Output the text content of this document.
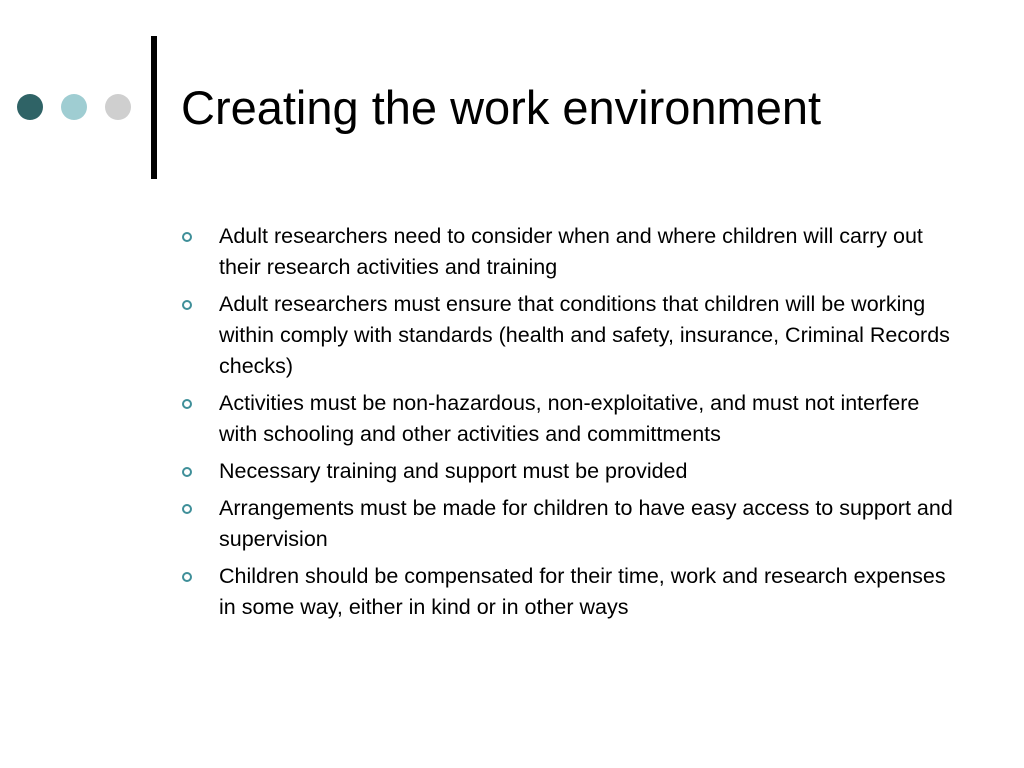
Creating the work environment
Adult researchers need to consider when and where children will carry out their research activities and training
Adult researchers must ensure that conditions that children will be working within comply with standards (health and safety, insurance, Criminal Records checks)
Activities must be non-hazardous, non-exploitative, and must not interfere with schooling and other activities and committments
Necessary training and support must be provided
Arrangements must be made for children to have easy access to support and supervision
Children should be compensated for their time, work and research expenses in some way, either in kind or in other ways
